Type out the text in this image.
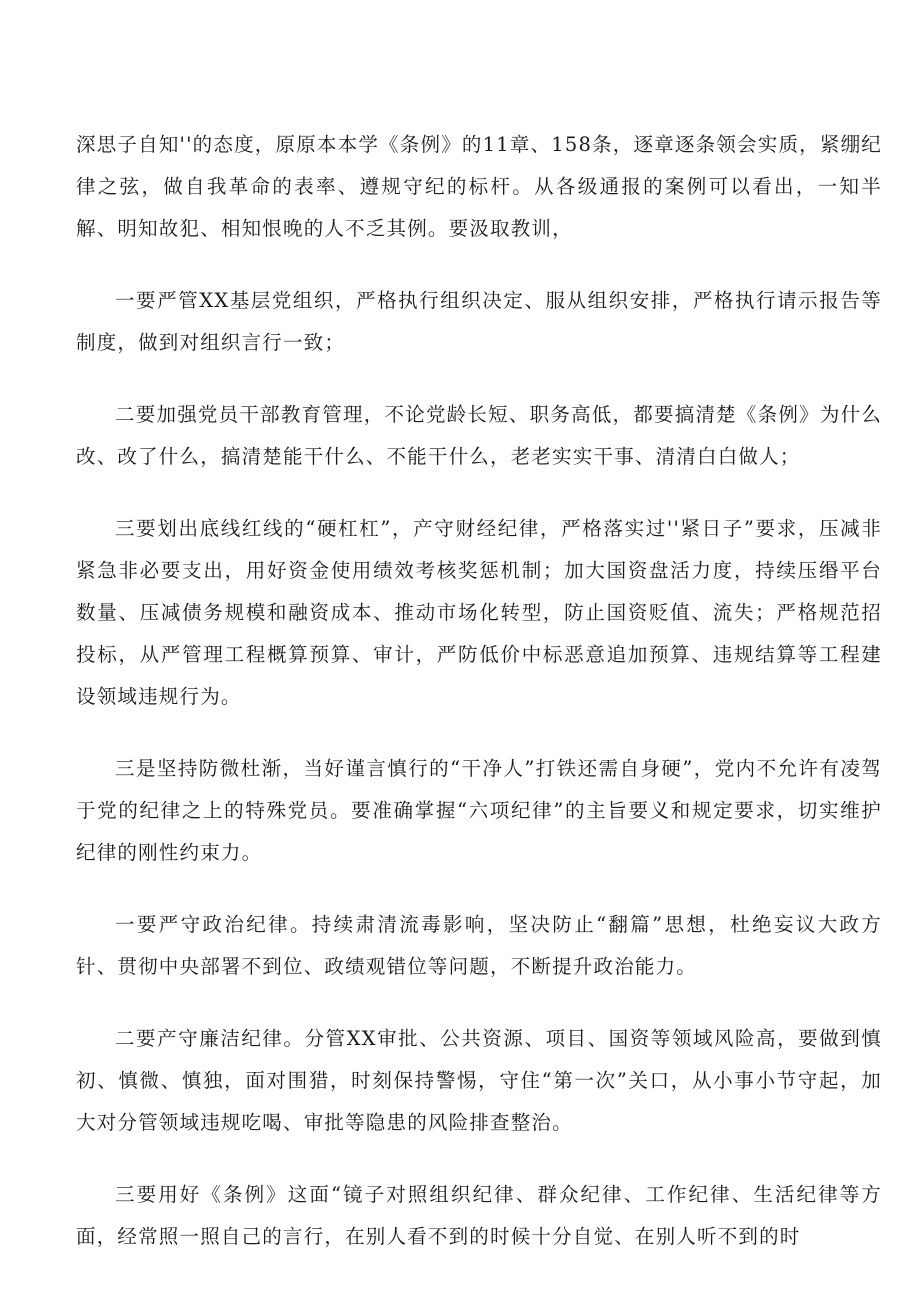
深思子自知''的态度，原原本本学《条例》的11章、158条，逐章逐条领会实质，紧绷纪律之弦，做自我革命的表率、遵规守纪的标杆。从各级通报的案例可以看出，一知半解、明知故犯、相知恨晚的人不乏其例。要汲取教训，

一要严管XX基层党组织，严格执行组织决定、服从组织安排，严格执行请示报告等制度，做到对组织言行一致；

二要加强党员干部教育管理，不论党龄长短、职务高低，都要搞清楚《条例》为什么改、改了什么，搞清楚能干什么、不能干什么，老老实实干事、清清白白做人；

三要划出底线红线的“硬杠杠”，产守财经纪律，严格落实过''紧日子”要求，压减非紧急非必要支出，用好资金使用绩效考核奖惩机制；加大国资盘活力度，持续压缗平台数量、压减债务规模和融资成本、推动市场化转型，防止国资贬值、流失；严格规范招投标，从严管理工程概算预算、审计，严防低价中标恶意追加预算、违规结算等工程建设领域违规行为。

三是坚持防微杜渐，当好谨言慎行的“干净人”打铁还需自身硬”，党内不允许有凌驾于党的纪律之上的特殊党员。要准确掌握“六项纪律”的主旨要义和规定要求，切实维护纪律的刚性约束力。

一要严守政治纪律。持续肃清流毒影响，坚决防止“翻篇”思想，杜绝妄议大政方针、贯彻中央部署不到位、政绩观错位等问题，不断提升政治能力。

二要产守廉洁纪律。分管XX审批、公共资源、项目、国资等领域风险高，要做到慎初、慎微、慎独，面对围猎，时刻保持警惕，守住“第一次”关口，从小事小节守起，加大对分管领域违规吃喝、审批等隐患的风险排查整治。

三要用好《条例》这面“镜子对照组织纪律、群众纪律、工作纪律、生活纪律等方面，经常照一照自己的言行，在别人看不到的时候十分自觉、在别人听不到的时
